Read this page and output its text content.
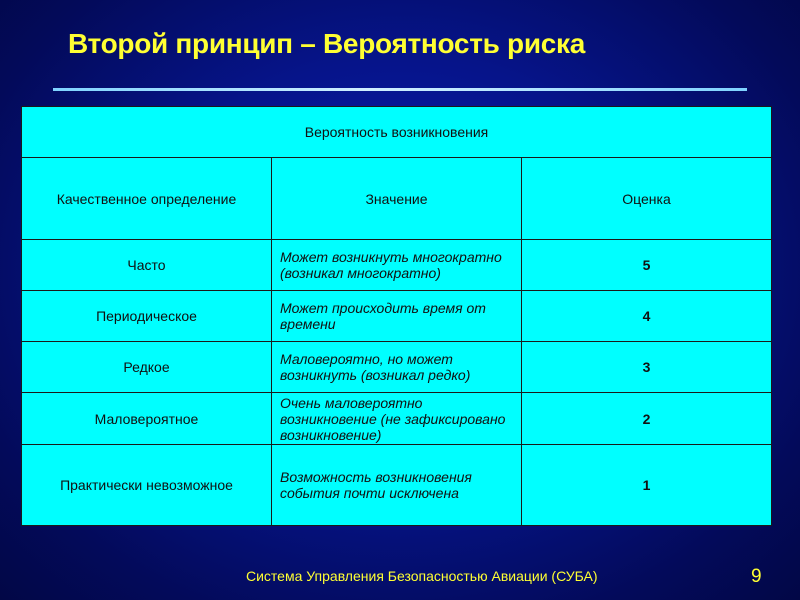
Второй принцип – Вероятность риска
Вероятность возникновения		
Качественное определение	Значение	Оценка
Часто	Может возникнуть многократно (возникал многократно)	5
Периодическое	Может происходить время от времени	4
Редкое	Маловероятно, но может возникнуть (возникал редко)	3
Маловероятное	Очень маловероятно возникновение (не зафиксировано возникновение)	2
Практически невозможное	Возможность возникновения события почти исключена	1
Система Управления Безопасностью Авиации (СУБА)	9
